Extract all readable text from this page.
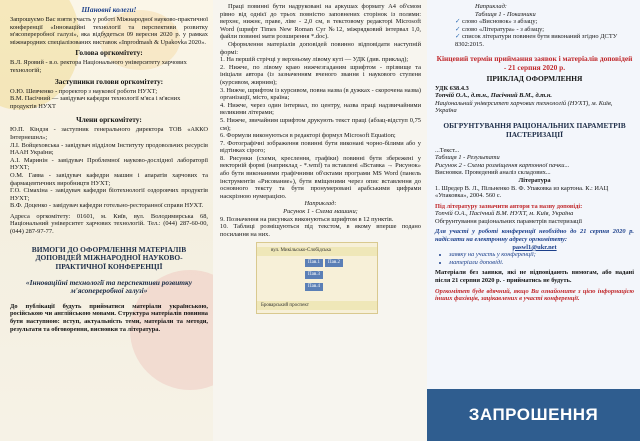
Шановні колеги!

Запрошуємо Вас взяти участь у роботі Міжнародної науково-практичної конференції «Інноваційні технології та перспективи розвитку м'ясопереробної галузі», яка відбудеться 09 вересня 2020 р. у рамках міжнародних спеціалізованих виставок «Inprodmash & Upakovka 2020».

Голова оргкомітету:

В.Л. Яровий - в.о. ректора Національного університету харчових технологій;

Заступники голови оргкомітету:

О.Ю. Шевченко - проректор з наукової роботи НУХТ;

В.М. Пасічний — завідувач кафедри технології м'яса і м'ясних продуктів НУХТ

Члени оргкомітету:

Ю.П. Кіндзя - заступник генерального директора ТОВ «АККО Інтернешнл»;

Л.І. Войцеховська - завідувач відділом Інституту продовольчих ресурсів НААН України;

А.І. Маринін - завідувач Проблемної науково-дослідної лабораторії НУХТ;

О.М. Гавва - завідувач кафедри машин і апаратів харчових та фармацевтичних виробництв НУХТ;

Г.О. Сімахіна - завідувач кафедри біотехнології оздоровчих продуктів НУХТ;

В.Ф. Доценко - завідувач кафедри готельно-ресторанної справи НУХТ.

Адреса оргкомітету: 01601, м. Київ, вул. Володимирська 68, Національний університет харчових технологій. Тел.: (044) 287-60-00, (044) 287-97-77.

ВИМОГИ ДО ОФОРМЛЕННЯ МАТЕРІАЛІВ ДОПОВІДЕЙ МІЖНАРОДНОЇ НАУКОВО- ПРАКТИЧНОЇ КОНФЕРЕНЦІЇ

«Інноваційні технології та перспективи розвитку м'ясопереробної галузі»

До публікації будуть прийматися матеріали українською, російською чи англійською мовами. Структура матеріалів повинна бути наступною: вступ, актуальність теми, матеріали та методи, результати та обговорення, висновки та література.

Праці повинні бути надруковані на аркушах формату А4 об'ємом рівно від однієї до трьох повністю заповнених сторінок із полями: верхнє, нижнє, праве, ліве - 2,0 см, в текстовому редакторі Microsoft Word (шрифт Times New Roman Cyr №12, міжрядковий інтервал 1,0, файли повинні мати розширення *.doc).

Оформлення матеріалів доповідей повинно відповідати наступній формі:

1. На першій стрічці у верхньому лівому куті — УДК (див. приклад);

2. Нижче, по лівому краю нижчезгаданим шрифтом - прізвище та ініціали автора (із зазначенням вченого звання і наукового ступеня (курсивом, жирним);

3. Нижче, шрифтом із курсивом, повна назва (в дужках - скорочена назва) організації, місто, країна;

4. Нижче, через один інтервал, по центру, назва праці надзвичайними великими літерами;

5. Нижче, звичайним шрифтом друкують текст праці (абзац-відступ 0,75 см);

6. Формули виконуються в редакторі формул Microsoft Equation;

7. Фотографічні зображення повинні бути виконані чорно-білими або у відтінках сірого;

8. Рисунки (схеми, креслення, графіки) повинні бути збережені у векторній формі (наприклад - *.wmf) та вставлені «Вставка → Рисунок» або бути виконаними графічними об'єктами програми MS Word (панель інструментів «Рисование»), бути вміщеними через опис вставлення до основного тексту та бути пронумеровані арабськими цифрами наскрізною нумерацією.

Наприклад:

Рисунок 1 - Схема машини;

9. Позначення на рисунках виконуються шрифтом в 12 пунктів.

10. Таблиці розміщуються під текстом, в якому вперше подано посилання на них.

вул. Микільсько-Слобідська
Броварський проспект
Пав.1	Пав.2
Пав.3
Пав.4

Наприклад:

Таблиця 1 - Показники

✓ слово «Висновок» з абзацу;

✓ слово «Література» - з абзацу;

✓ список літератури повинен бути виконаний згідно ДСТУ 8302:2015.

Кінцевий термін приймання заявок і матеріалів доповідей - 21 серпня 2020 р.

ПРИКЛАД ОФОРМЛЕННЯ

УДК 638.4.3

Топчій О.А., д.т.н., Пасічний В.М., д.т.н.

Національний університет харчових технологій (НУХТ), м. Київ, Україна

ОБГРУНТУВАННЯ РАЦІОНАЛЬНИХ ПАРАМЕТРІВ ПАСТЕРИЗАЦІЇ

...Текст...

Таблиця 1 - Результати

Рисунок 2 - Схема розміщення картонної пачки...

Висновки. Проведений аналіз складових...

Література

1. Шредер В. Л., Пільненко В. Ф. Упаковка из картона. К.: ИАЦ «Упаковка», 2004. 560 с.

Під літературу зазначити автори та назву доповіді:

Топчій О.А., Пасічний В.М. НУХТ, м. Київ, Україна

Обгрунтування раціональних параметрів пастеризації

Для участі у роботі конференції необхідно до 21 серпня 2020 р. надіслати на електронну адресу оргкомітету:

paswl1@ukr.net

• заявку на участь у конференції;
• матеріали доповіді.

Матеріали без заявки, які не відповідають вимогам, або надані після 21 серпня 2020 р. - прийматись не будуть.

Оргкомітет буде вдячний, якщо Ви ознайомите з цією інформацією інших фахівців, зацікавлених в участі конференції.

ЗАПРОШЕННЯ
